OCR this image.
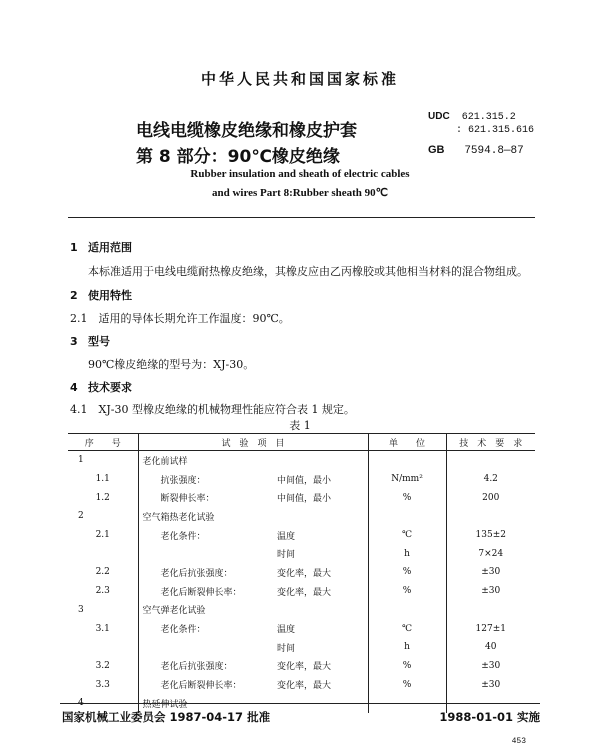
中华人民共和国国家标准
电线电缆橡皮绝缘和橡皮护套
第 8 部分：90℃橡皮绝缘
UDC 621.315.2
: 621.315.616
GB 7594.8—87
Rubber insulation and sheath of electric cables
and wires Part 8:Rubber sheath 90℃
1 适用范围
本标准适用于电线电缆耐热橡皮绝缘，其橡皮应由乙丙橡胶或其他相当材料的混合物组成。
2 使用特性
2.1　适用的导体长期允许工作温度：90℃。
3 型号
90℃橡皮绝缘的型号为：XJ-30。
4 技术要求
4.1　XJ-30 型橡皮绝缘的机械物理性能应符合表 1 规定。
表 1
序　　号	试　验　项　目		单　　位	技　术　要　求
1	老化前试样			
1.1	抗张强度：	中间值，最小	N/mm²	4.2
1.2	断裂伸长率：	中间值，最小	%	200
2	空气箱热老化试验			
2.1	老化条件：	温度	℃	135±2
		时间	h	7×24
2.2	老化后抗张强度：	变化率，最大	%	±30
2.3	老化后断裂伸长率：	变化率，最大	%	±30
3	空气弹老化试验			
3.1	老化条件：	温度	℃	127±1
		时间	h	40
3.2	老化后抗张强度：	变化率，最大	%	±30
3.3	老化后断裂伸长率：	变化率，最大	%	±30
4	热延伸试验			
国家机械工业委员会 1987-04-17 批准	1988-01-01 实施
453
